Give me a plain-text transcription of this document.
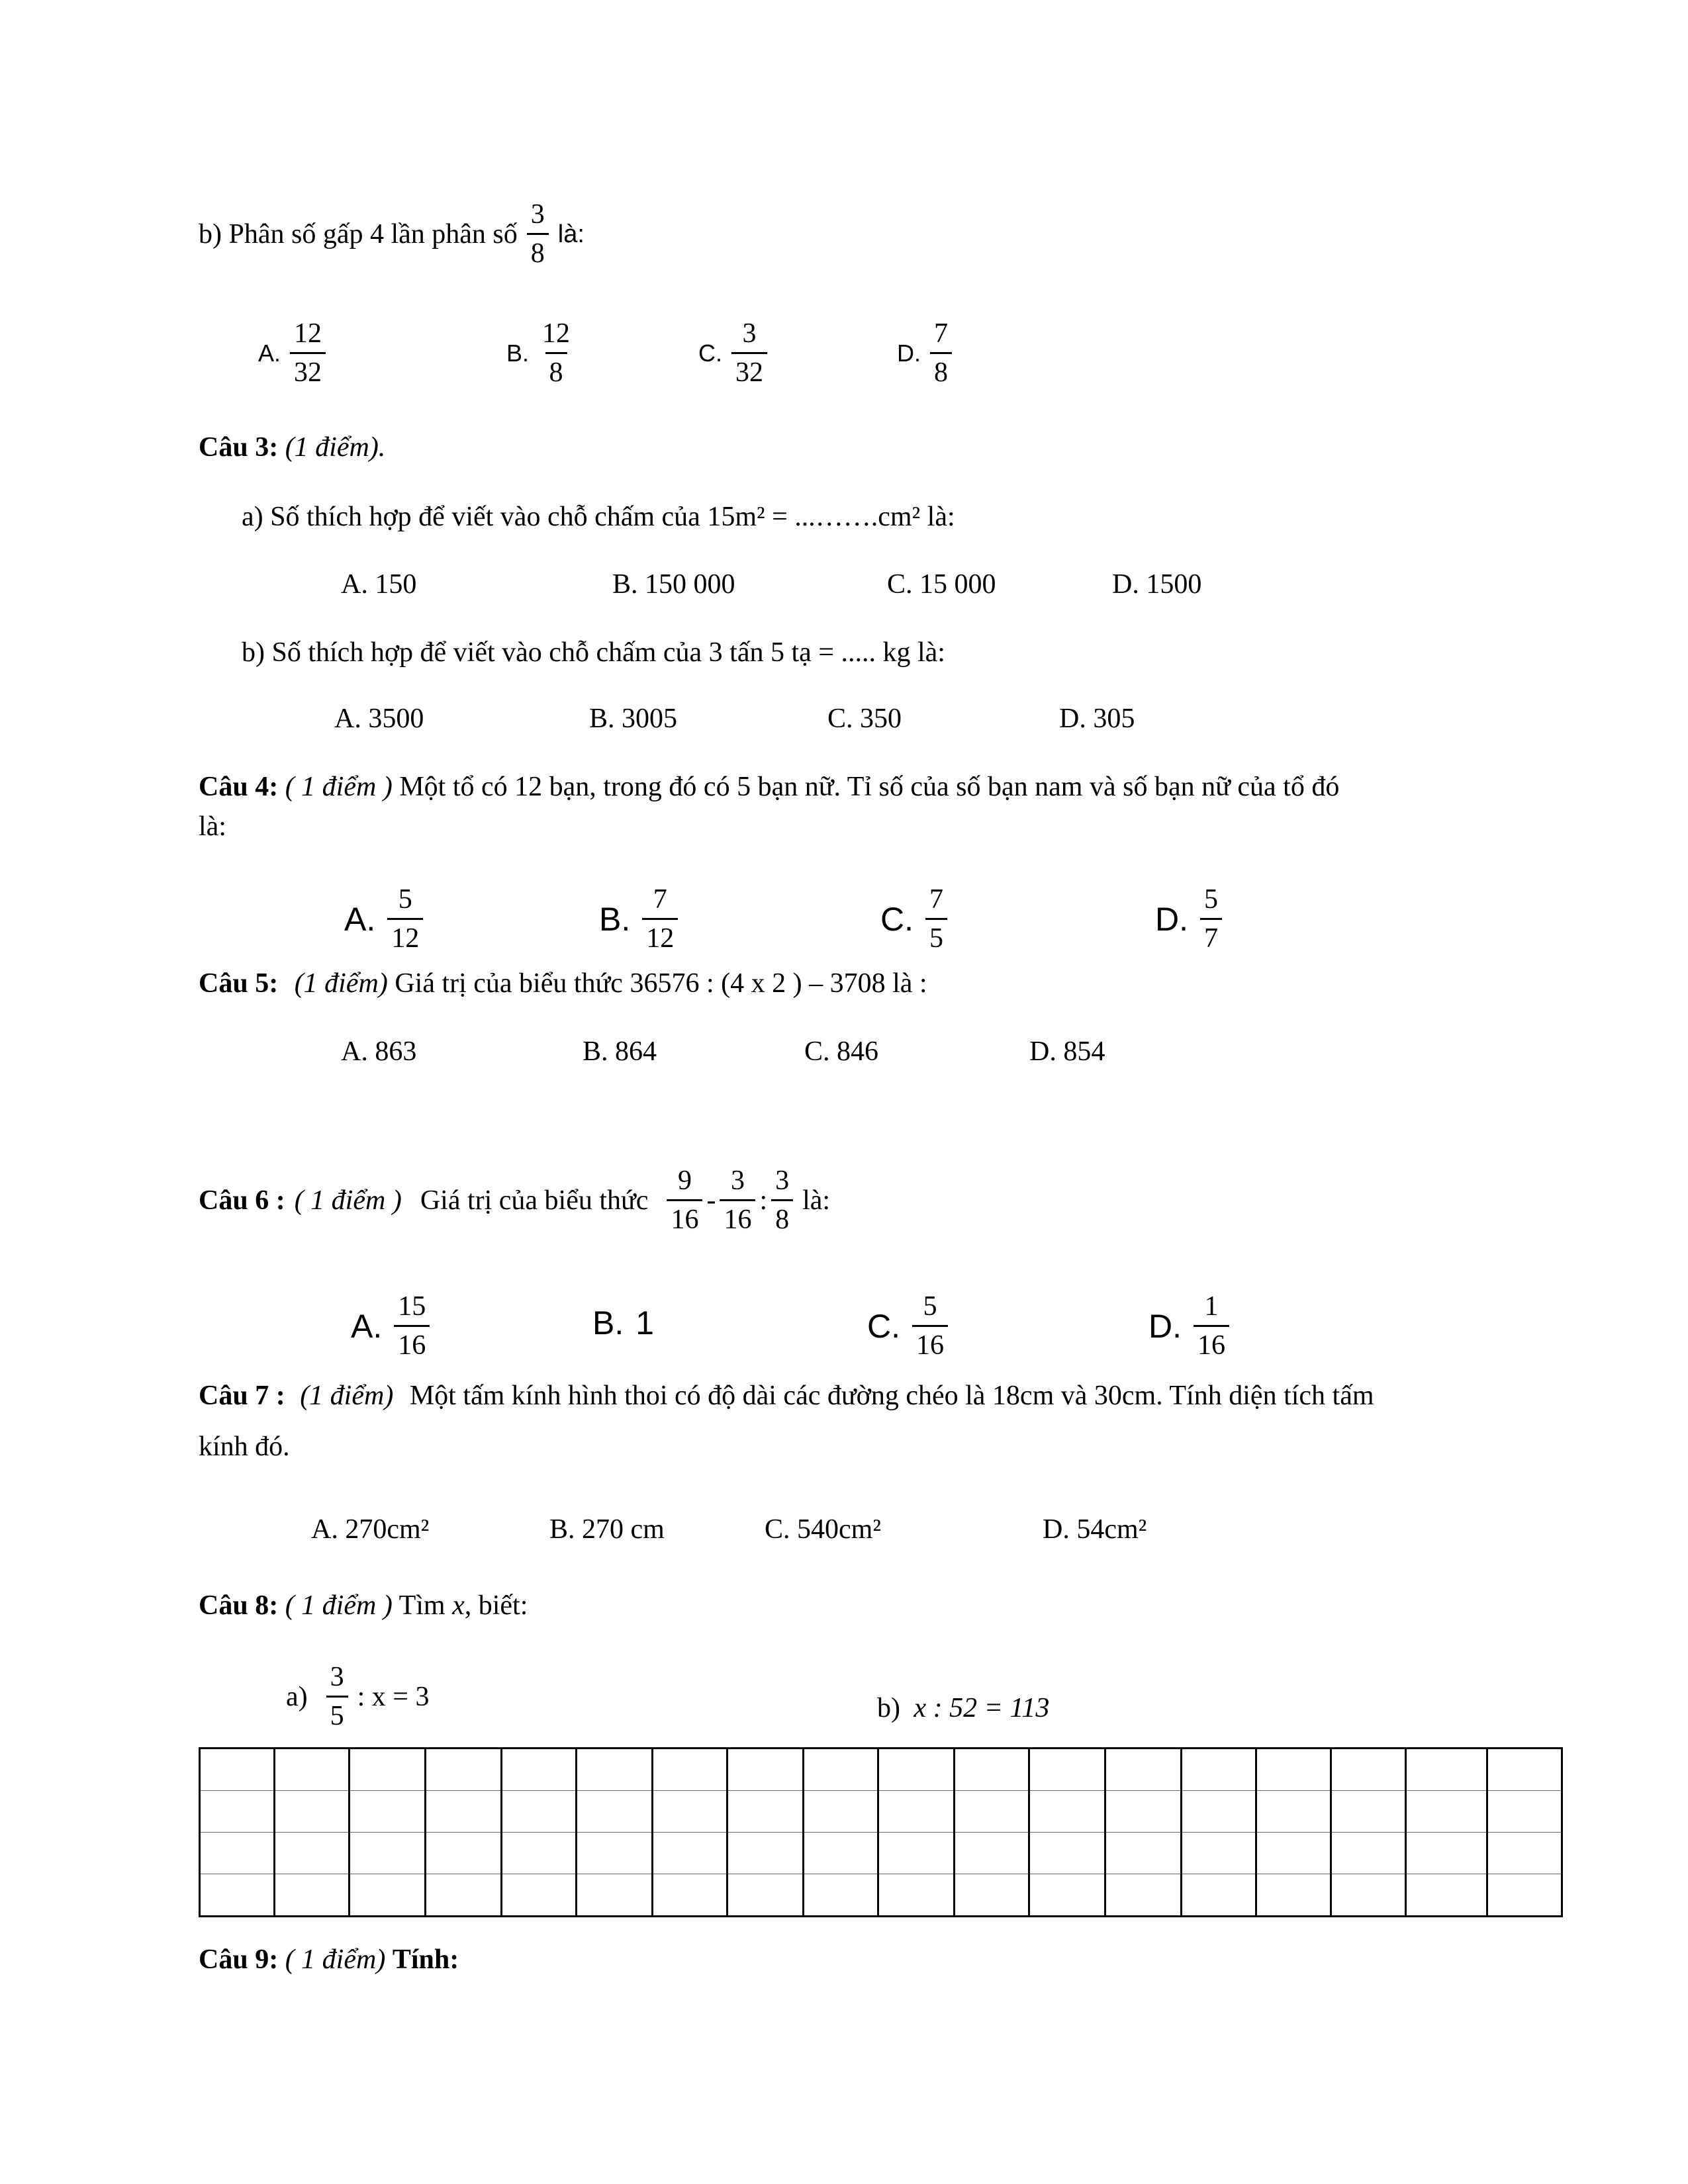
b) Phân số gấp 4 lần phân số $\frac{3}{8}$ là:
A. $\frac{12}{32}$	B. $\frac{12}{8}$	C. $\frac{3}{32}$	D. $\frac{7}{8}$
Câu 3: (1 điểm).
a) Số thích hợp để viết vào chỗ chấm của 15m² = ...…….cm² là:
A. 150	B. 150 000	C. 15 000	D. 1500
b) Số thích hợp để viết vào chỗ chấm của 3 tấn 5 tạ = ..... kg là:
A. 3500	B. 3005	C. 350	D. 305
Câu 4: ( 1 điểm ) Một tổ có 12 bạn, trong đó có 5 bạn nữ. Tỉ số của số bạn nam và số bạn nữ của tổ đó
là:
A. $\frac{5}{12}$	B. $\frac{7}{12}$	C. $\frac{7}{5}$	D. $\frac{5}{7}$
Câu 5: (1 điểm) Giá trị của biểu thức 36576 : (4 x 2 ) – 3708 là :
A. 863	B. 864	C. 846	D. 854
Câu 6 : ( 1 điểm ) Giá trị của biểu thức $\frac{9}{16} - \frac{3}{16}$ : $\frac{3}{8}$ là:
A. $\frac{15}{16}$	B. 1	C. $\frac{5}{16}$	D. $\frac{1}{16}$
Câu 7 : (1 điểm) Một tấm kính hình thoi có độ dài các đường chéo là 18cm và 30cm. Tính diện tích tấm
kính đó.
A. 270cm²	B. 270 cm	C. 540cm²	D. 54cm²
Câu 8: ( 1 điểm ) Tìm x, biết:
$a) \frac{3}{5}$ : x = 3	b) x : 52 = 113

Câu 9: ( 1 điểm) Tính:
